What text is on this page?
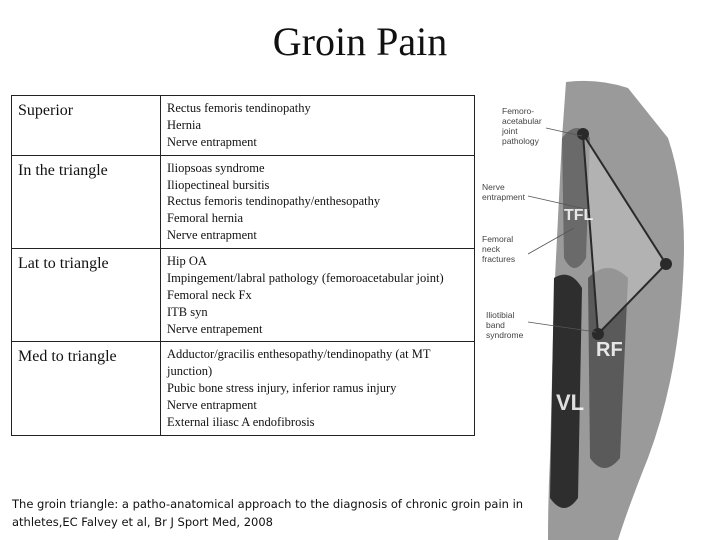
Groin Pain
Superior	Rectus femoris tendinopathy
Hernia
Nerve entrapment

In the triangle	Iliopsoas syndrome
Iliopectineal bursitis
Rectus femoris tendinopathy/enthesopathy
Femoral hernia
Nerve entrapment

Lat to triangle	Hip OA
Impingement/labral pathology (femoroacetabular joint)
Femoral neck Fx
ITB syn
Nerve entrapement

Med to triangle	Adductor/gracilis enthesopathy/tendinopathy (at MT junction)
Pubic bone stress injury, inferior ramus injury
Nerve entrapment
External iliasc A endofibrosis
Femoro- acetabular joint pathology
Nerve entrapment
Femoral neck fractures
Iliotibial band syndrome
TFL
RF
VL
The groin triangle: a patho-anatomical approach to the diagnosis of chronic groin pain in athletes,EC Falvey et al, Br J Sport Med, 2008
